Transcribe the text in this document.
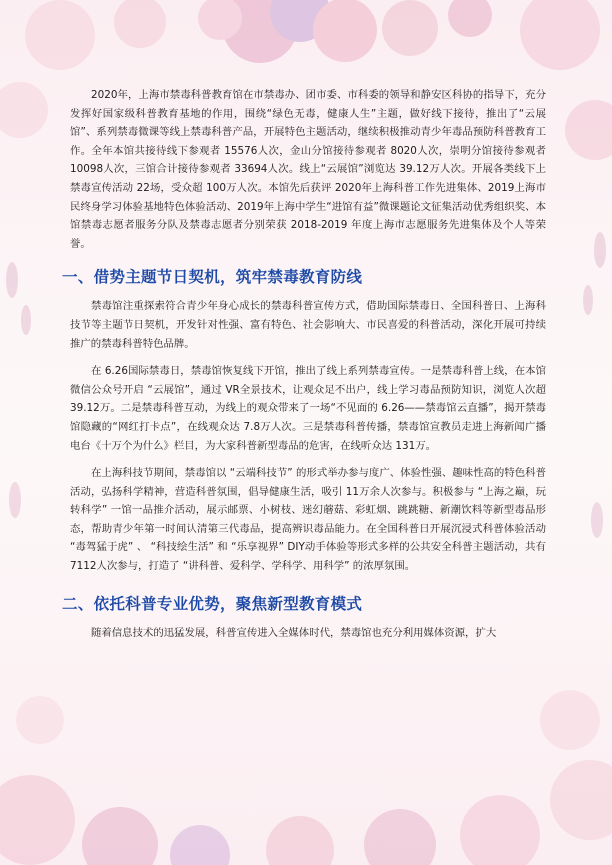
2020年，上海市禁毒科普教育馆在市禁毒办、团市委、市科委的领导和静安区科协的指导下，充分发挥好国家级科普教育基地的作用，围绕“绿色无毒，健康人生”主题，做好线下接待，推出了“云展馆”、系列禁毒微课等线上禁毒科普产品，开展特色主题活动，继续积极推动青少年毒品预防科普教育工作。全年本馆共接待线下参观者 15576人次，金山分馆接待参观者 8020人次，崇明分馆接待参观者 10098人次，三馆合计接待参观者 33694人次。线上“云展馆”浏览达 39.12万人次。开展各类线下上禁毒宣传活动 22场，受众超 100万人次。本馆先后获评 2020年上海科普工作先进集体、2019上海市民终身学习体验基地特色体验活动、2019年上海中学生“进馆有益”微课题论文征集活动优秀组织奖、本馆禁毒志愿者服务分队及禁毒志愿者分别荣获 2018-2019 年度上海市志愿服务先进集体及个人等荣誉。

一、借势主题节日契机，筑牢禁毒教育防线

禁毒馆注重探索符合青少年身心成长的禁毒科普宣传方式，借助国际禁毒日、全国科普日、上海科技节等主题节日契机，开发针对性强、富有特色、社会影响大、市民喜爱的科普活动，深化开展可持续推广的禁毒科普特色品牌。

在 6.26国际禁毒日，禁毒馆恢复线下开馆，推出了线上系列禁毒宣传。一是禁毒科普上线，在本馆微信公众号开启 “云展馆”，通过 VR全景技术，让观众足不出户，线上学习毒品预防知识，浏览人次超 39.12万。二是禁毒科普互动，为线上的观众带来了一场“不见面的 6.26——禁毒馆云直播”，揭开禁毒馆隐藏的“网红打卡点”，在线观众达 7.8万人次。三是禁毒科普传播，禁毒馆宣教员走进上海新闻广播电台《十万个为什么》栏目，为大家科普新型毒品的危害，在线听众达 131万。

在上海科技节期间，禁毒馆以 “云端科技节” 的形式举办参与度广、体验性强、趣味性高的特色科普活动，弘扬科学精神，营造科普氛围，倡导健康生活，吸引 11万余人次参与。积极参与 “上海之巅，玩转科学” 一馆一品推介活动，展示邮票、小树枝、迷幻蘑菇、彩虹烟、跳跳糖、新潮饮料等新型毒品形态，帮助青少年第一时间认清第三代毒品，提高辨识毒品能力。在全国科普日开展沉浸式科普体验活动 “毒驾猛于虎” 、 “科技绘生活” 和 “乐享视界” DIY动手体验等形式多样的公共安全科普主题活动，共有 7112人次参与，打造了 “讲科普、爱科学、学科学、用科学” 的浓厚氛围。

二、依托科普专业优势，聚焦新型教育模式

随着信息技术的迅猛发展，科普宣传进入全媒体时代，禁毒馆也充分利用媒体资源，扩大
